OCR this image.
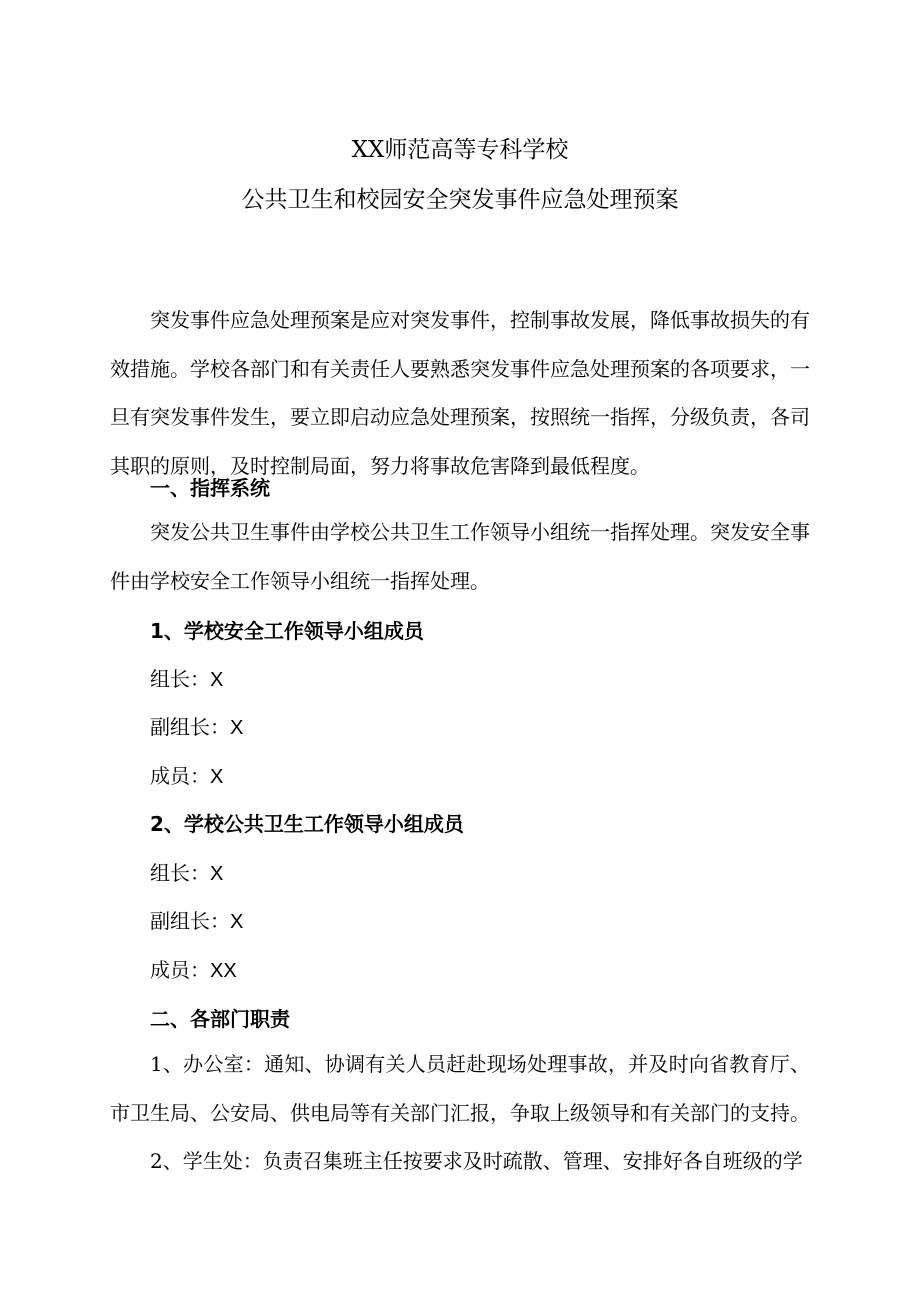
XX师范高等专科学校
公共卫生和校园安全突发事件应急处理预案

突发事件应急处理预案是应对突发事件，控制事故发展，降低事故损失的有效措施。学校各部门和有关责任人要熟悉突发事件应急处理预案的各项要求，一旦有突发事件发生，要立即启动应急处理预案，按照统一指挥，分级负责，各司其职的原则，及时控制局面，努力将事故危害降到最低程度。

一、指挥系统

突发公共卫生事件由学校公共卫生工作领导小组统一指挥处理。突发安全事件由学校安全工作领导小组统一指挥处理。

1、学校安全工作领导小组成员
组长：X
副组长：X
成员：X
2、学校公共卫生工作领导小组成员
组长：X
副组长：X
成员：XX
二、各部门职责

1、办公室：通知、协调有关人员赶赴现场处理事故，并及时向省教育厅、市卫生局、公安局、供电局等有关部门汇报，争取上级领导和有关部门的支持。

2、学生处：负责召集班主任按要求及时疏散、管理、安排好各自班级的学
